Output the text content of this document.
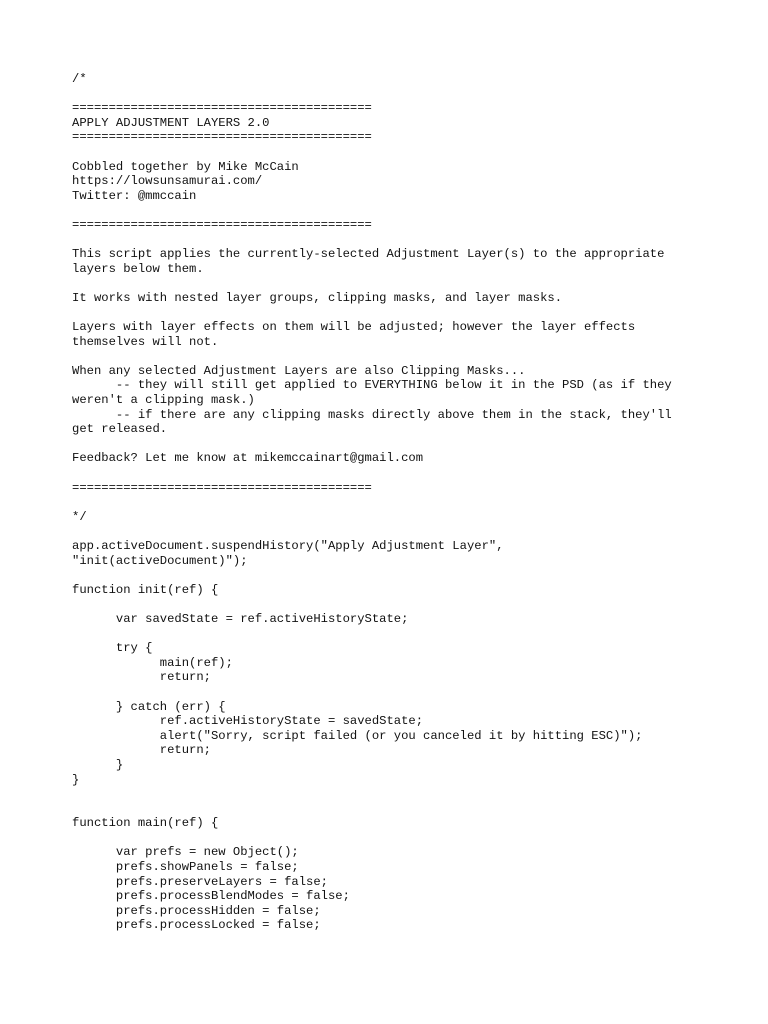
/*
=========================================
APPLY ADJUSTMENT LAYERS 2.0
=========================================
Cobbled together by Mike McCain
https://lowsunsamurai.com/
Twitter: @mmccain
=========================================
This script applies the currently-selected Adjustment Layer(s) to the appropriate
layers below them.
It works with nested layer groups, clipping masks, and layer masks.
Layers with layer effects on them will be adjusted; however the layer effects
themselves will not.
When any selected Adjustment Layers are also Clipping Masks...
-- they will still get applied to EVERYTHING below it in the PSD (as if they
weren't a clipping mask.)
-- if there are any clipping masks directly above them in the stack, they'll
get released.
Feedback? Let me know at mikemccainart@gmail.com
=========================================
*/
app.activeDocument.suspendHistory("Apply Adjustment Layer",
"init(activeDocument)");
function init(ref) {
var savedState = ref.activeHistoryState;
try {
main(ref);
return;
} catch (err) {
ref.activeHistoryState = savedState;
alert("Sorry, script failed (or you canceled it by hitting ESC)");
return;
}
}
function main(ref) {
var prefs = new Object();
prefs.showPanels = false;
prefs.preserveLayers = false;
prefs.processBlendModes = false;
prefs.processHidden = false;
prefs.processLocked = false;
